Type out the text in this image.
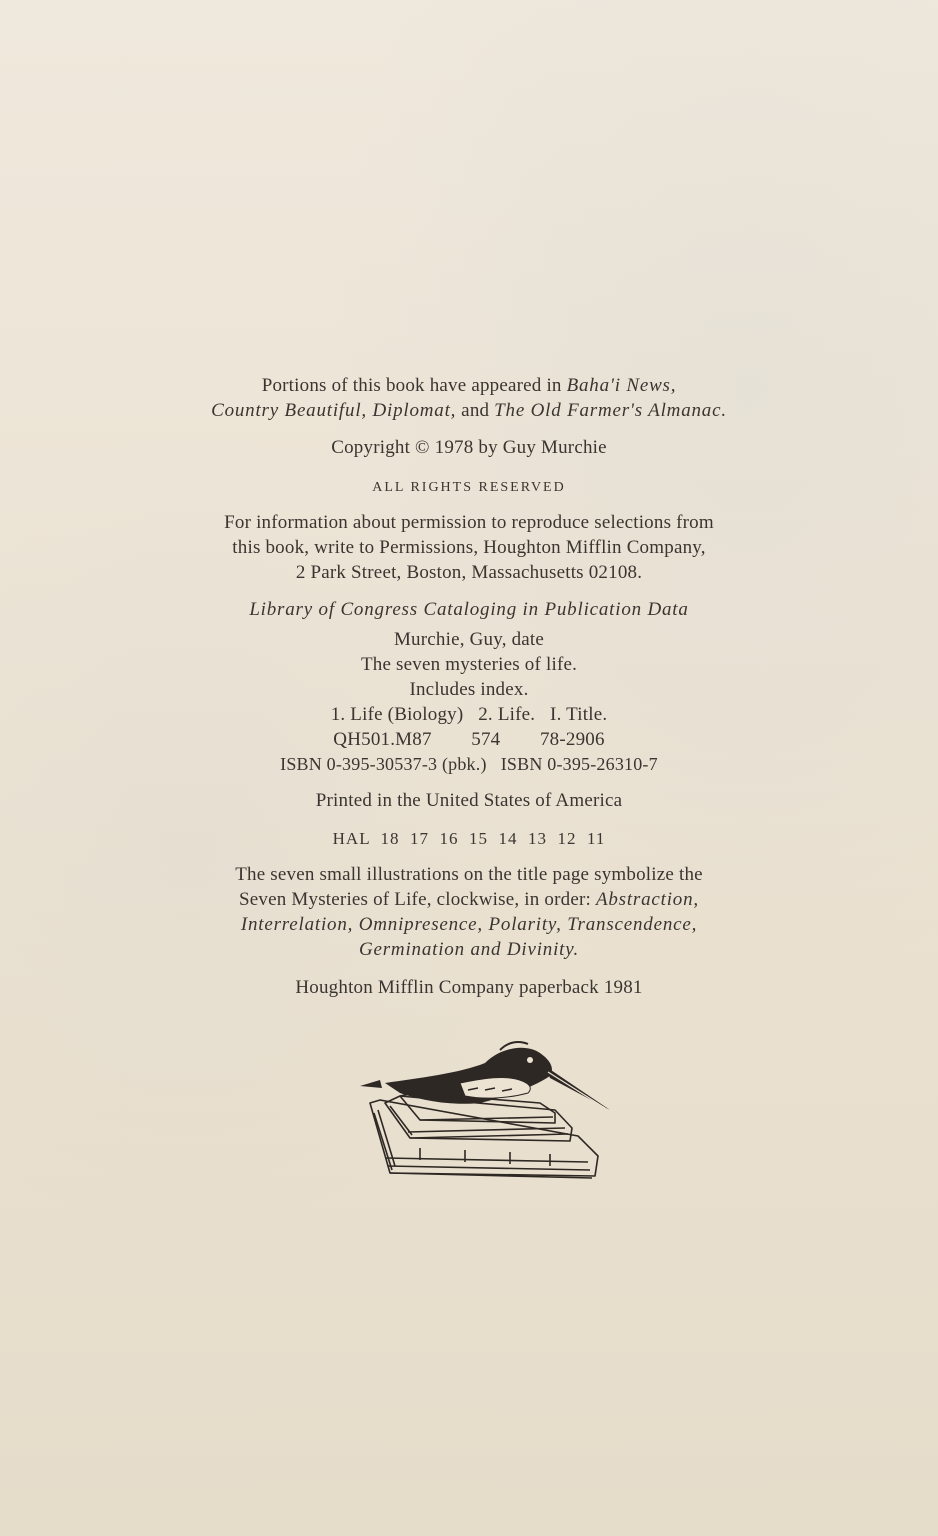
Portions of this book have appeared in Baha'i News,
Country Beautiful, Diplomat, and The Old Farmer's Almanac.
Copyright © 1978 by Guy Murchie
ALL RIGHTS RESERVED
For information about permission to reproduce selections from
this book, write to Permissions, Houghton Mifflin Company,
2 Park Street, Boston, Massachusetts 02108.
Library of Congress Cataloging in Publication Data
Murchie, Guy, date
The seven mysteries of life.
Includes index.
1. Life (Biology)   2. Life.   I. Title.
QH501.M87        574        78-2906
ISBN 0-395-30537-3 (pbk.)   ISBN 0-395-26310-7
Printed in the United States of America
HAL  18  17  16  15  14  13  12  11
The seven small illustrations on the title page symbolize the
Seven Mysteries of Life, clockwise, in order: Abstraction,
Interrelation, Omnipresence, Polarity, Transcendence,
Germination and Divinity.
Houghton Mifflin Company paperback 1981
